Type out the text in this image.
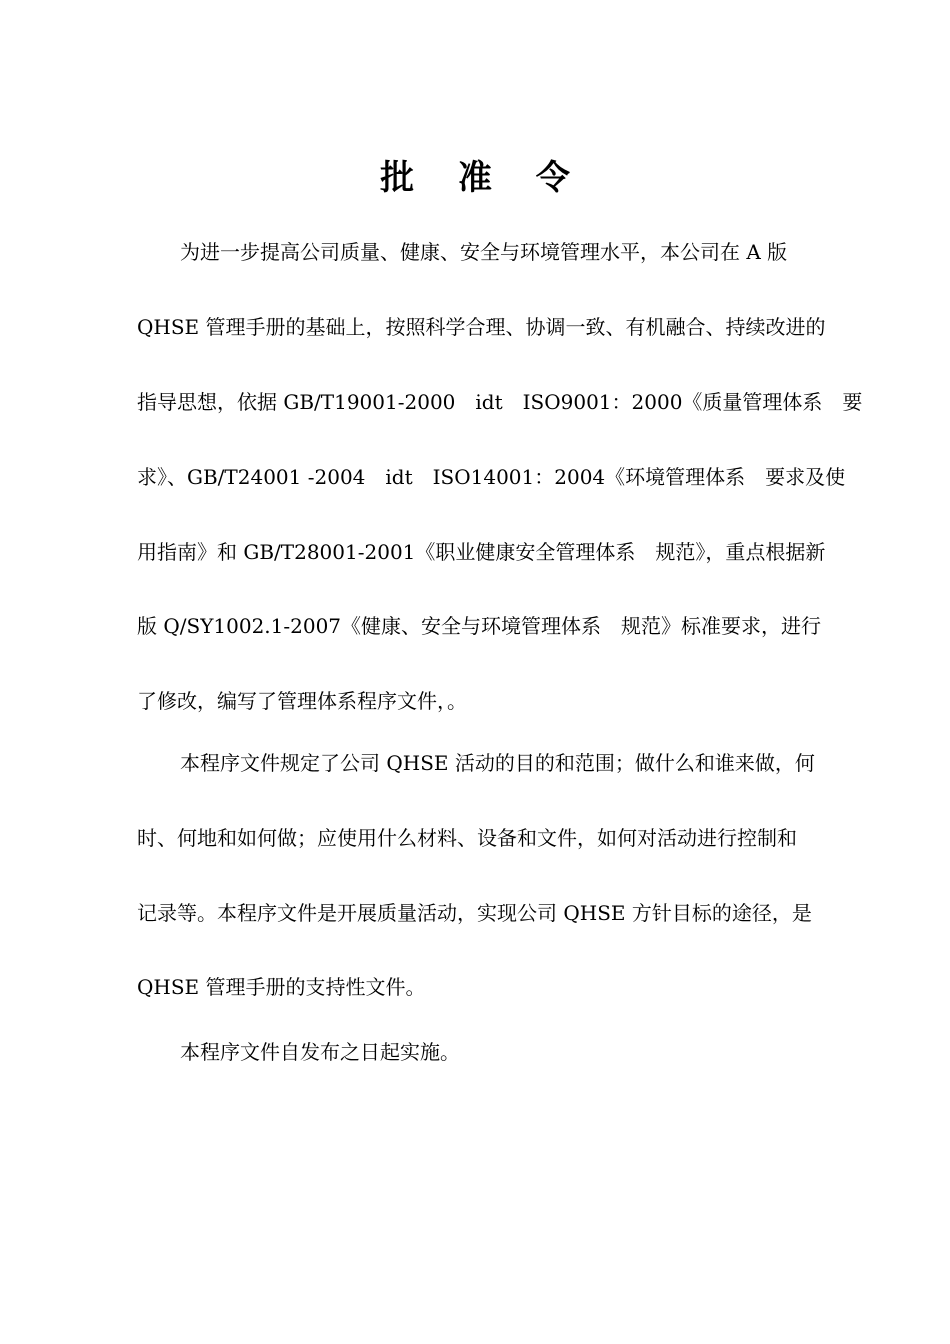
批 准 令
为进一步提高公司质量、健康、安全与环境管理水平，本公司在 A 版
QHSE 管理手册的基础上，按照科学合理、协调一致、有机融合、持续改进的
指导思想，依据 GB/T19001-2000　idt　ISO9001：2000《质量管理体系　要
求》、GB/T24001 -2004　idt　ISO14001：2004《环境管理体系　要求及使
用指南》和 GB/T28001-2001《职业健康安全管理体系　规范》，重点根据新
版 Q/SY1002.1-2007《健康、安全与环境管理体系　规范》标准要求，进行
了修改，编写了管理体系程序文件，。
本程序文件规定了公司 QHSE 活动的目的和范围；做什么和谁来做，何
时、何地和如何做；应使用什么材料、设备和文件，如何对活动进行控制和
记录等。本程序文件是开展质量活动，实现公司 QHSE 方针目标的途径，是
QHSE 管理手册的支持性文件。
本程序文件自发布之日起实施。
